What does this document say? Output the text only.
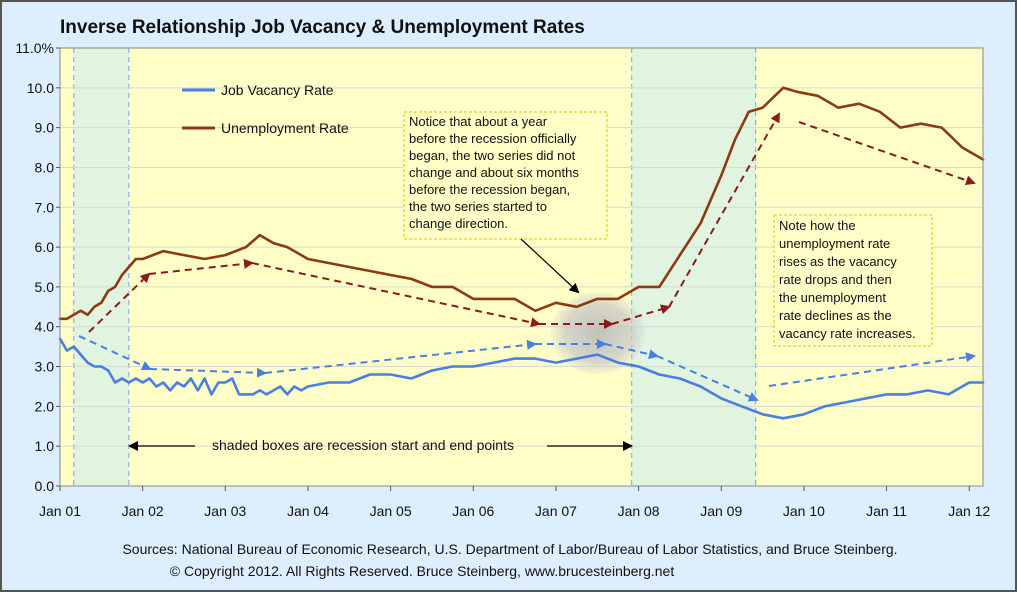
Inverse Relationship Job Vacancy & Unemployment Rates
0.0
1.0
2.0
3.0
4.0
5.0
6.0
7.0
8.0
9.0
10.0
11.0%
Jan 01	Jan 02	Jan 03	Jan 04	Jan 05	Jan 06	Jan 07	Jan 08	Jan 09	Jan 10	Jan 11	Jan 12
Job Vacancy Rate
Unemployment Rate	Notice that about a year
before the recession officially
began, the two series did not
change and about six months
before the recession began,
the two series started to
change direction.	Note how the
unemployment rate
rises as the vacancy
rate drops and then
the unemployment
rate declines as the
vacancy rate increases.
shaded boxes are recession start and end points
Sources: National Bureau of Economic Research, U.S. Department of Labor/Bureau of Labor Statistics, and Bruce Steinberg.
© Copyright 2012. All Rights Reserved. Bruce Steinberg, www.brucesteinberg.net
